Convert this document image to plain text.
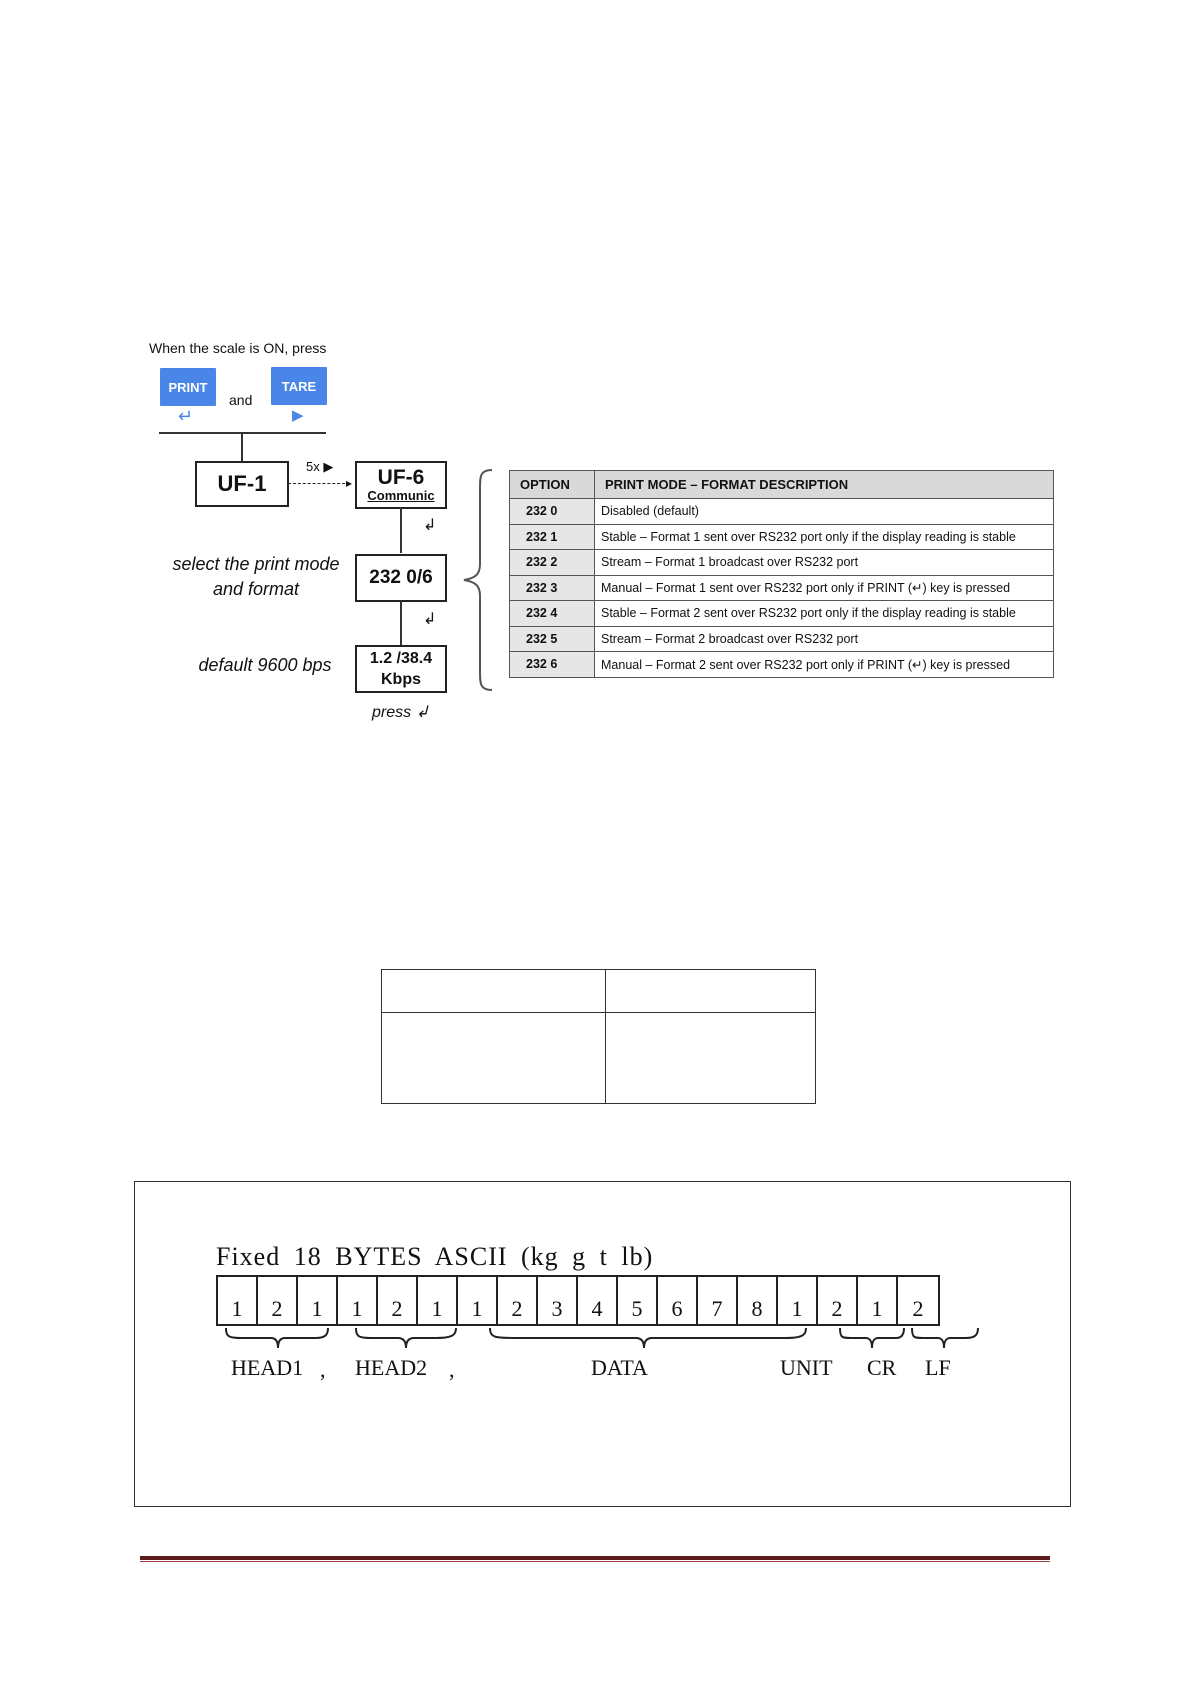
When the scale is ON, press
PRINT
↵
and
TARE
▶
UF-1
5x ▶
▸ UF-6
Communic
↲
select the print mode and format
232 0/6
↲
default 9600 bps	1.2 /38.4
Kbps
press ↲
OPTION	PRINT MODE – FORMAT DESCRIPTION
232 0	Disabled (default)
232 1	Stable – Format 1 sent over RS232 port only if the display reading is stable
232 2	Stream – Format 1 broadcast over RS232 port
232 3	Manual – Format 1 sent over RS232 port only if PRINT (↵) key is pressed
232 4	Stable – Format 2 sent over RS232 port only if the display reading is stable
232 5	Stream – Format 2 broadcast over RS232 port
232 6	Manual – Format 2 sent over RS232 port only if PRINT (↵) key is pressed

Fixed 18 BYTES ASCII (kg g t lb)
1	2	1	1	2	1	1	2	3	4	5	6	7	8	1	2	1	2
HEAD1 , HEAD2 ,	DATA	UNIT CR LF
